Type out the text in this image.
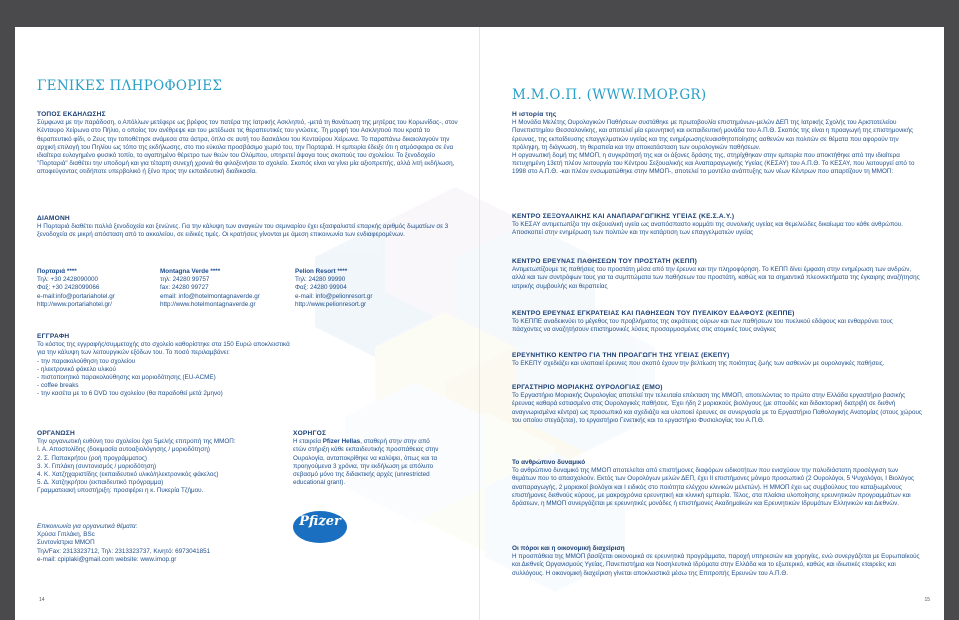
ΓΕΝΙΚΕΣ ΠΛΗΡΟΦΟΡΙΕΣ
ΤΟΠΟΣ ΕΚΔΗΛΩΣΗΣ

Σύμφωνα με την παράδοση, ο Απόλλων μετέφερε ως βρέφος τον πατέρα της Ιατρικής Ασκληπιό, -μετά τη θανάτωση της μητέρας του Κορωνίδας-, στον Κένταυρο Χείρωνα στο Πήλιο, ο οποίος τον ανέθρεψε και του μετέδωσε τις θεραπευτικές του γνώσεις. Τη μορφή του Ασκληπιού που κρατά το θεραπευτικό φίδι, ο Ζευς την τοποθέτησε ανάμεσα στα άστρα, όπλο σε αυτή του δασκάλου του Κενταύρου Χείρωνα. Το παραπάνω δικαιολογούν την αρχική επιλογή του Πηλίου ως τόπο της εκδήλωσης, στο πιο εύκολα προσβάσιμο χωριό του, την Πορταριά. Η εμπειρία έδειξε ότι η ατμόσφαιρα σε ένα ιδιαίτερα ευλογημένο φυσικό τοπίο, το αγαπημένο θέρετρο των θεών του Ολύμπου, υπηρετεί άψογα τους σκοπούς του σχολείου. Το ξενοδοχείο "Πορταριά" διαθέτει την υποδομή και για τέταρτη συνεχή χρονιά θα φιλοξενήσει το σχολείο. Σκοπός είναι να γίνει μία αξιοπρεπής, αλλά λιτή εκδήλωση, αποφεύγοντας οτιδήποτε υπερβολικό ή ξένο προς την εκπαιδευτική διαδικασία.

ΔΙΑΜΟΝΗ

Η Πορταριά διαθέτει πολλά ξενοδοχεία και ξενώνες. Για την κάλυψη των αναγκών του σεμιναρίου έχει εξασφαλιστεί επαρκής αριθμός δωματίων σε 3 ξενοδοχεία σε μικρή απόσταση από το ακκολείου, σε ειδικές τιμές. Οι κρατήσεις γίνονται με άμεση επικοινωνία των ενδιαφερομένων.

Πορταριά ****
Τηλ: +30 2428090000
Φαξ: +30 2428099066
e-mail:info@portariahotel.gr
http://www.portariahotel.gr/
Montagna Verde ****
τηλ: 24280 99757
fax: 24280 99727
email: info@hotelmontagnaverde.gr
http://www.hotelmontagnaverde.gr
Pelion Resort ****
Τηλ: 24280 99990
Φαξ: 24280 99904
e-mail: info@pelionresort.gr
http://www.pelionresort.gr
ΕΓΓΡΑΦΗ

Το κόστος της εγγραφής/συμμετοχής στο σχολείο καθορίστηκε στα 150 Ευρώ αποκλειστικά για την κάλυψη των λειτουργικών εξόδων του. Το ποσό περιλαμβάνει:

- την παρακολούθηση του σχολείου
- ηλεκτρονικό φάκελο υλικού
- πιστοποιητικό παρακολούθησης και μοριοδότησης (EU-ACME)
- coffee breaks
- την κασέτα με το 6 DVD του σχολείου (θα παραδοθεί μετά 2μηνο)
ΟΡΓΑΝΩΣΗ

Την οργανωτική ευθύνη του σχολείου έχει 5μελής επιτροπή της ΜΜΟΠ:

Ι. Α. Αποστολίδης (δοκιμασία αυτοαξιολόγησης / μοριοδότηση)
2. Σ. Παπακρήτου (ροή προγράμματος)
3. Χ. Γιπλάκη (συντονισμός / μοριοδότηση)
4. Κ. Χατζηχαριστίδης (εκπαιδευτικό υλικό/ηλεκτρονικός φάκελος)
5. Δ. Χατζηκρήτου (εκπαιδευτικό πρόγραμμα)

Γραμματειακή υποστήριξη: προσφέρει η κ. Πυκερία Τζήμου.

Επικοινωνία για οργανωτικά θέματα:

Χρύσα Γιπλάκη, BSc

Συντονίστρια ΜΜΟΠ

Τηλ/Fax: 2313323712, Τηλ: 2313323737, Κινητό: 6973041851

e-mail: cpiplaki@gmail.com website: www.imop.gr

ΧΟΡΗΓΟΣ

Η εταιρεία Pfizer Hellas, σταθερή στην στην από ετών στήριξη κάθε εκπαιδευτικής προσπάθειας στην Ουρολογία, ανταποκρίθηκε να καλύψει, όπως και τα προηγούμενα 3 χρόνια, την εκδήλωση με απόλυτο σεβασμό μόνο της διδακτικής αρχές (unrestricted educational grant).

Pfizer
14
Μ.Μ.Ο.Π. (WWW.IMOP.GR)
Η ιστορία της

Η Μονάδα Μελέτης Ουρολογικών Παθήσεων συστάθηκε με πρωτοβουλία επιστημόνων-μελών ΔΕΠ της Ιατρικής Σχολής του Αριστοτελείου Πανεπιστημίου Θεσσαλονίκης, και αποτελεί μία ερευνητική και εκπαιδευτική μονάδα του Α.Π.Θ. Σκοπός της είναι η προαγωγή της επιστημονικής έρευνας, της εκπαίδευσης επαγγελματιών υγείας και της ενημέρωσης/ευαισθητοποίησης ασθενών και πολιτών σε θέματα που αφορούν την πρόληψη, τη διάγνωση, τη θεραπεία και την αποκατάσταση των ουρολογικών παθήσεων.

Η οργανωτική δομή της ΜΜΟΠ, η συγκρότησή της και οι άξονες δράσης της, στηρίχθηκαν στην εμπειρία που αποκτήθηκε από την ιδιαίτερα πετυχημένη 13ετή πλέον λειτουργία του Κέντρου Σεξουαλικής και Αναπαραγωγικής Υγείας (ΚΕΣΑΥ) του Α.Π.Θ. Το ΚΕΣΑΥ, που λειτουργεί από το 1998 στο Α.Π.Θ. -και πλέον ενσωματώθηκε στην ΜΜΟΠ-, αποτελεί το μοντέλο ανάπτυξης των νέων Κέντρων που απαρτίζουν τη ΜΜΟΠ:

ΚΕΝΤΡΟ ΣΕΞΟΥΑΛΙΚΗΣ ΚΑΙ ΑΝΑΠΑΡΑΓΩΓΙΚΗΣ ΥΓΕΙΑΣ (ΚΕ.Σ.Α.Υ.)

Το ΚΕΣΑΥ αντιμετωπίζει την σεξουαλική υγεία ως αναπόσπαστο κομμάτι της συνολικής υγείας και θεμελιώδες δικαίωμα του κάθε ανθρώπου. Αποσκοπεί στην ενημέρωση των πολιτών και την κατάρτιση των επαγγελματιών υγείας

ΚΕΝΤΡΟ ΕΡΕΥΝΑΣ ΠΑΘΗΣΕΩΝ ΤΟΥ ΠΡΟΣΤΑΤΗ (ΚΕΠΠ)

Αντιμετωπίζουμε τις παθήσεις του προστάτη μέσα από την έρευνα και την πληροφόρηση. Το ΚΕΠΠ δίνει έμφαση στην ενημέρωση των ανδρών, αλλά και των συντρόφων τους για τα συμπτώματα των παθήσεων του προστάτη, καθώς και τα σημαντικά πλεονεκτήματα της έγκαιρης αναζήτησης ιατρικής συμβουλής και θεραπείας

ΚΕΝΤΡΟ ΕΡΕΥΝΑΣ ΕΓΚΡΑΤΕΙΑΣ ΚΑΙ ΠΑΘΗΣΕΩΝ ΤΟΥ ΠΥΕΛΙΚΟΥ ΕΔΑΦΟΥΣ (ΚΕΠΠΕ)

Το ΚΕΠΠΕ αναδεικνύει το μέγεθος του προβλήματος της ακράτειας ούρων και των παθήσεων του πυελικού εδάφους και ενθαρρύνει τους πάσχοντες να αναζητήσουν επιστημονικές λύσεις προσαρμοσμένες στις ατομικές τους ανάγκες

ΕΡΕΥΝΗΤΙΚΟ ΚΕΝΤΡΟ ΓΙΑ ΤΗΝ ΠΡΟΑΓΩΓΗ ΤΗΣ ΥΓΕΙΑΣ (ΕΚΕΠΥ)

Το ΕΚΕΠΥ σχεδιάζει και υλοποιεί έρευνες που σκοπό έχουν την βελτίωση της ποιότητας ζωής των ασθενών με ουρολογικές παθήσεις.

ΕΡΓΑΣΤΗΡΙΟ ΜΟΡΙΑΚΗΣ ΟΥΡΟΛΟΓΙΑΣ (ΕΜΟ)

Το Εργαστήριο Μοριακής Ουρολογίας αποτελεί την τελευταία επέκταση της ΜΜΟΠ, αποτελώντας το πρώτο στην Ελλάδα εργαστήριο βασικής έρευνας καθαρά εστιασμένο στις Ουρολογικές παθήσεις. Έχει ήδη 2 μοριακούς βιολόγους (με σπουδές και διδακτορική διατριβή σε διεθνή αναγνωρισμένα κέντρα) ως προσωπικό και σχεδιάζει και υλοποιεί έρευνες σε συνεργασία με το Εργαστήριο Παθολογικής Ανατομίας (στους χώρους του οποίου στεγάζεται), το εργαστήριο Γενετικής και το εργαστήριο Φυσιολογίας του Α.Π.Θ.

Το ανθρώπινο δυναμικό

Το ανθρώπινο δυναμικό της ΜΜΟΠ αποτελείται από επιστήμονες διαφόρων ειδικοτήτων που ενισχύουν την πολυδιάστατη προσέγγιση των θεμάτων που το απασχολούν. Εκτός των Ουρολόγων μελών ΔΕΠ, έχει ΙΙ επιστήμονες μόνιμο προσωπικό (2 Ουρολόγοι, 5 Ψυχολόγοι, Ι Βιολόγος αναπαραγωγής, 2 μοριακοί βιολόγοι και Ι ειδικός στο ποιότητα ελέγχου κλινικών μελετών). Η ΜΜΟΠ έχει ως συμβούλους του καταξιωμένους επιστήμονες διεθνούς κύρους, με μακροχρόνια ερευνητική και κλινική εμπειρία. Τέλος, στα πλαίσια υλοποίησης ερευνητικών προγραμμάτων και δράσεων, η ΜΜΟΠ συνεργάζεται με ερευνητικές μονάδες ή επιστήμονες Ακαδημαϊκών και Ερευνητικών Ιδρυμάτων Ελληνικών και Διεθνών.

Οι πόροι και η οικονομική διαχείριση

Η προσπάθεια της ΜΜΟΠ βασίζεται οικονομικά σε ερευνητικά προγράμματα, παροχή υπηρεσιών και χορηγίες, ενώ συνεργάζεται με Ευρωπαϊκούς και Διεθνείς Οργανισμούς Υγείας, Πανεπιστήμια και Νοσηλευτικά Ιδρύματα στην Ελλάδα και το εξωτερικό, καθώς και ιδιωτικές εταιρείες και συλλόγους. Η οικονομική διαχείριση γίνεται αποκλειστικά μέσω της Επιτροπής Ερευνών του Α.Π.Θ.

15
